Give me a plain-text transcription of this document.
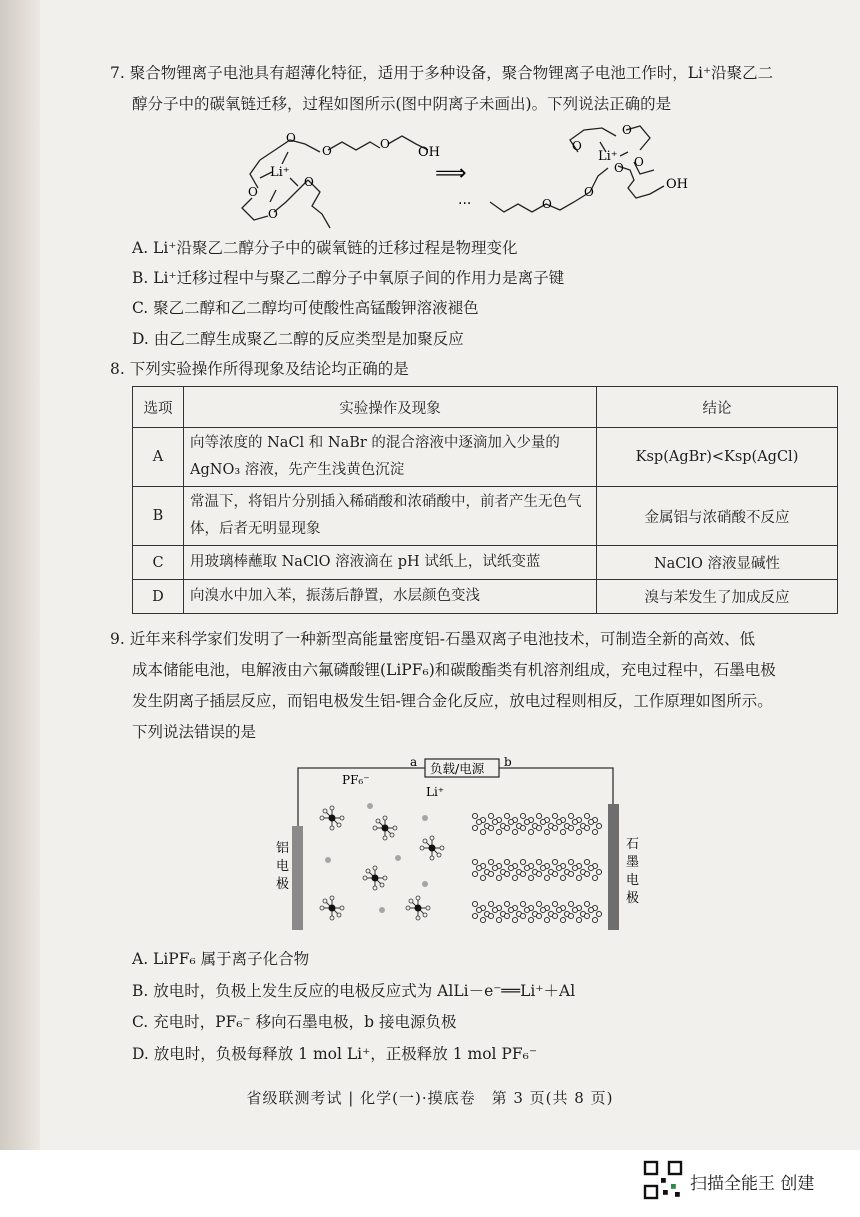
7. 聚合物锂离子电池具有超薄化特征，适用于多种设备，聚合物锂离子电池工作时，Li⁺沿聚乙二
醇分子中的碳氧链迁移，过程如图所示(图中阴离子未画出)。下列说法正确的是
Li⁺
OH
O
O	O
O
O
O	⟹
···
Li⁺
OH
O
O
O
O
O
O
A. Li⁺沿聚乙二醇分子中的碳氧链的迁移过程是物理变化
B. Li⁺迁移过程中与聚乙二醇分子中氧原子间的作用力是离子键
C. 聚乙二醇和乙二醇均可使酸性高锰酸钾溶液褪色
D. 由乙二醇生成聚乙二醇的反应类型是加聚反应
8. 下列实验操作所得现象及结论均正确的是
选项	实验操作及现象	结论
A	向等浓度的 NaCl 和 NaBr 的混合溶液中逐滴加入少量的
AgNO₃ 溶液，先产生浅黄色沉淀	Ksp(AgBr)<Ksp(AgCl)
B	常温下，将铝片分别插入稀硝酸和浓硝酸中，前者产生无色气
体，后者无明显现象	金属铝与浓硝酸不反应
C	用玻璃棒蘸取 NaClO 溶液滴在 pH 试纸上，试纸变蓝	NaClO 溶液显碱性
D	向溴水中加入苯，振荡后静置，水层颜色变浅	溴与苯发生了加成反应
9. 近年来科学家们发明了一种新型高能量密度铝-石墨双离子电池技术，可制造全新的高效、低
成本储能电池，电解液由六氟磷酸锂(LiPF₆)和碳酸酯类有机溶剂组成，充电过程中，石墨电极
发生阴离子插层反应，而铝电极发生铝-锂合金化反应，放电过程则相反，工作原理如图所示。
下列说法错误的是
负载/电源
a	b
铝
电
极
石
墨
电
极
PF₆⁻
Li⁺
A. LiPF₆ 属于离子化合物
B. 放电时，负极上发生反应的电极反应式为 AlLi－e⁻══Li⁺＋Al
C. 充电时，PF₆⁻ 移向石墨电极，b 接电源负极
D. 放电时，负极每释放 1 mol Li⁺，正极释放 1 mol PF₆⁻
省级联测考试 | 化学(一)·摸底卷　第 3 页(共 8 页)
扫描全能王 创建
